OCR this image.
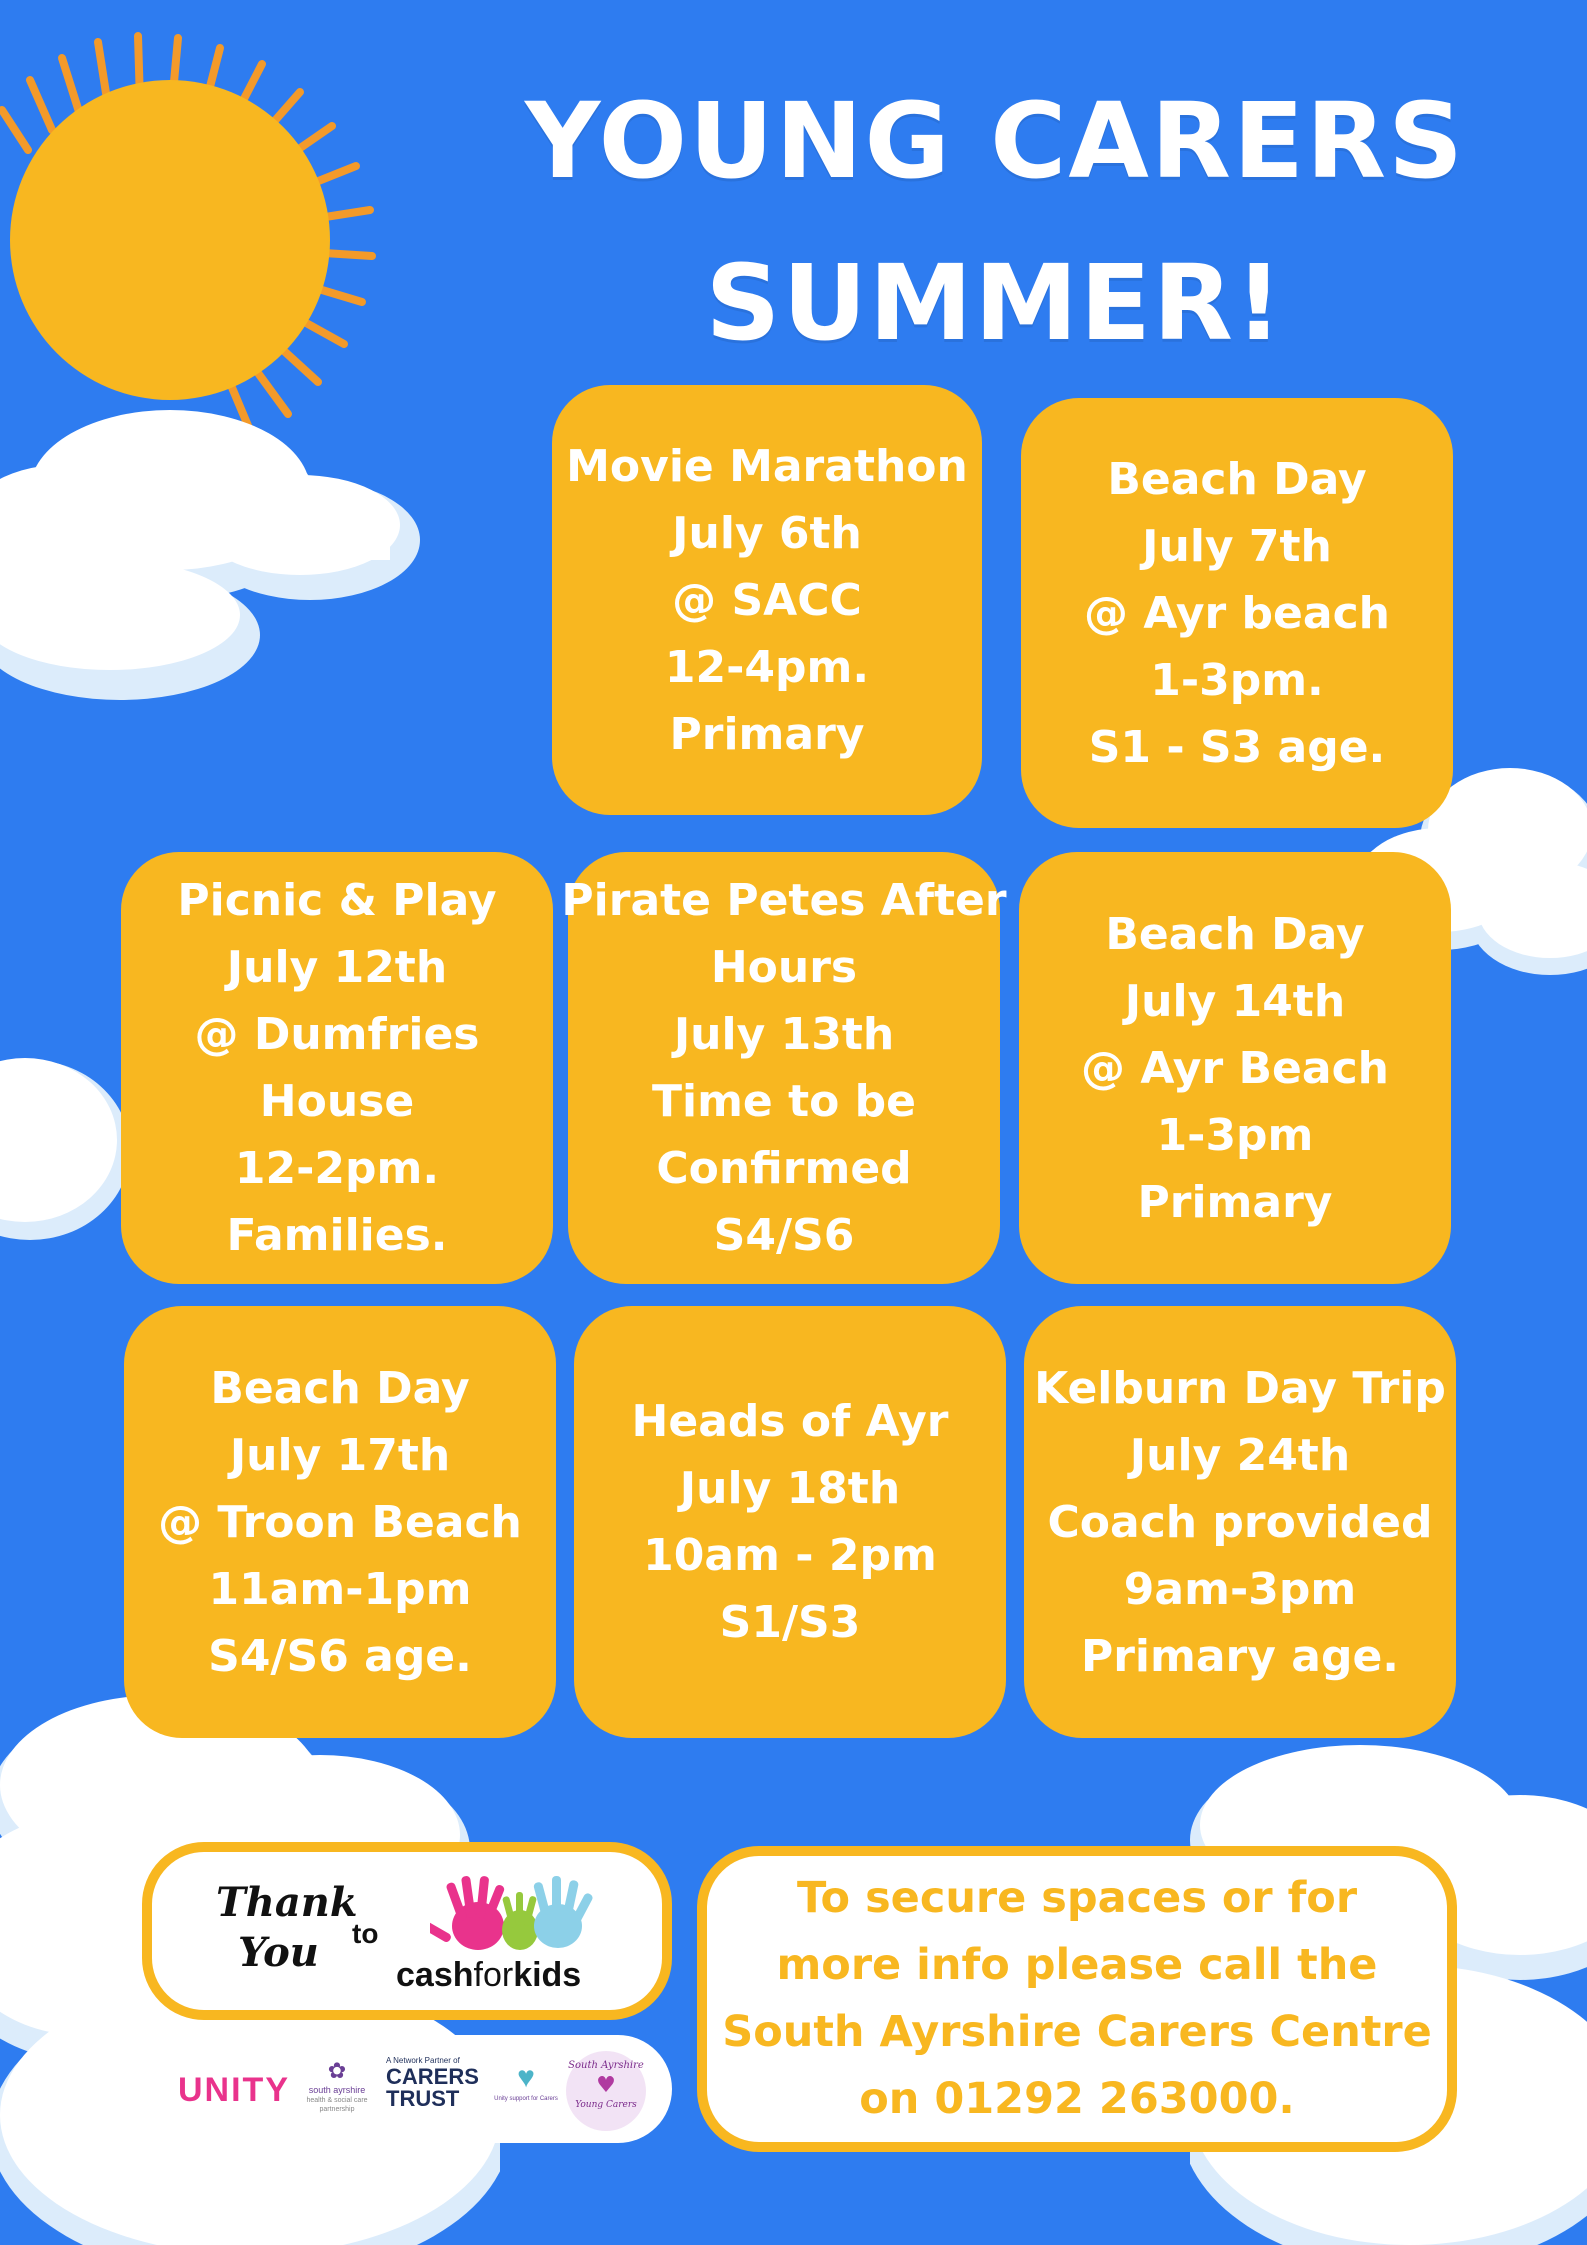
YOUNG CARERS
SUMMER!
Movie Marathon
July 6th
@ SACC
12-4pm.
Primary
Beach Day
July 7th
@ Ayr beach
1-3pm.
S1 - S3 age.
Picnic & Play
July 12th
@ Dumfries
House
12-2pm.
Families.
Pirate Petes After
Hours
July 13th
Time to be
Confirmed
S4/S6
Beach Day
July 14th
@ Ayr Beach
1-3pm
Primary
Beach Day
July 17th
@ Troon Beach
11am-1pm
S4/S6 age.
Heads of Ayr
July 18th
10am - 2pm
S1/S3
Kelburn Day Trip
July 24th
Coach provided
9am-3pm
Primary age.
Thank
You to
cashforkids
UNITY
✿
south ayrshire
health & social care
partnership
A Network Partner of
CARERS
TRUST
♥
Unity support for Carers
South Ayrshire
♥
Young Carers
To secure spaces or for
more info please call the
South Ayrshire Carers Centre
on 01292 263000.
